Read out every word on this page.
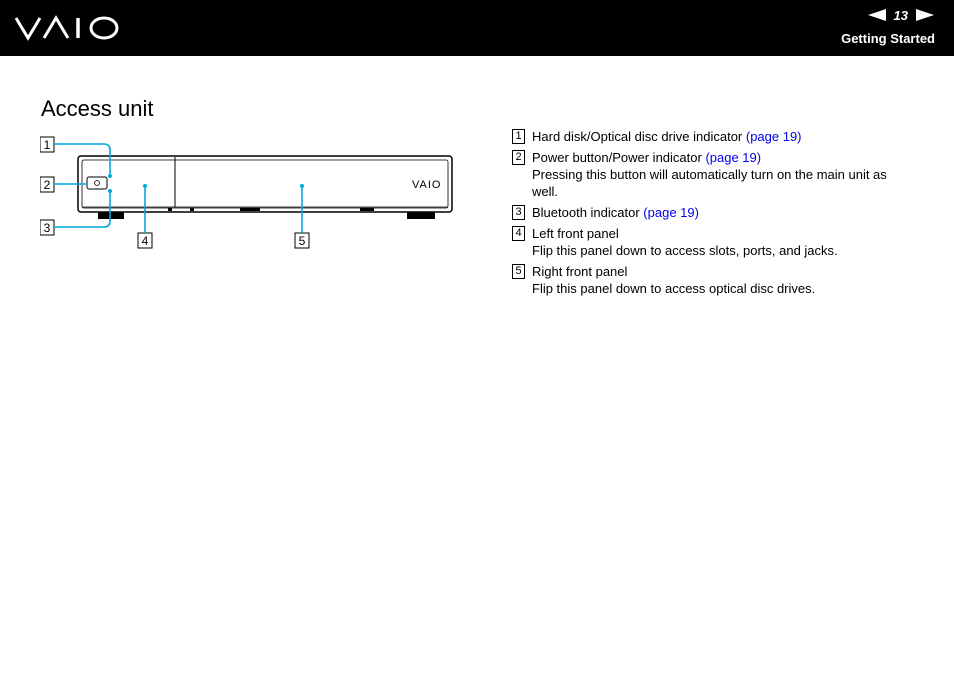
13
Getting Started
Access unit
1
2
3
4	5
VAIO
1 Hard disk/Optical disc drive indicator (page 19)
2 Power button/Power indicator (page 19)
Pressing this button will automatically turn on the main unit as well.
3 Bluetooth indicator (page 19)
4 Left front panel
Flip this panel down to access slots, ports, and jacks.
5 Right front panel
Flip this panel down to access optical disc drives.
